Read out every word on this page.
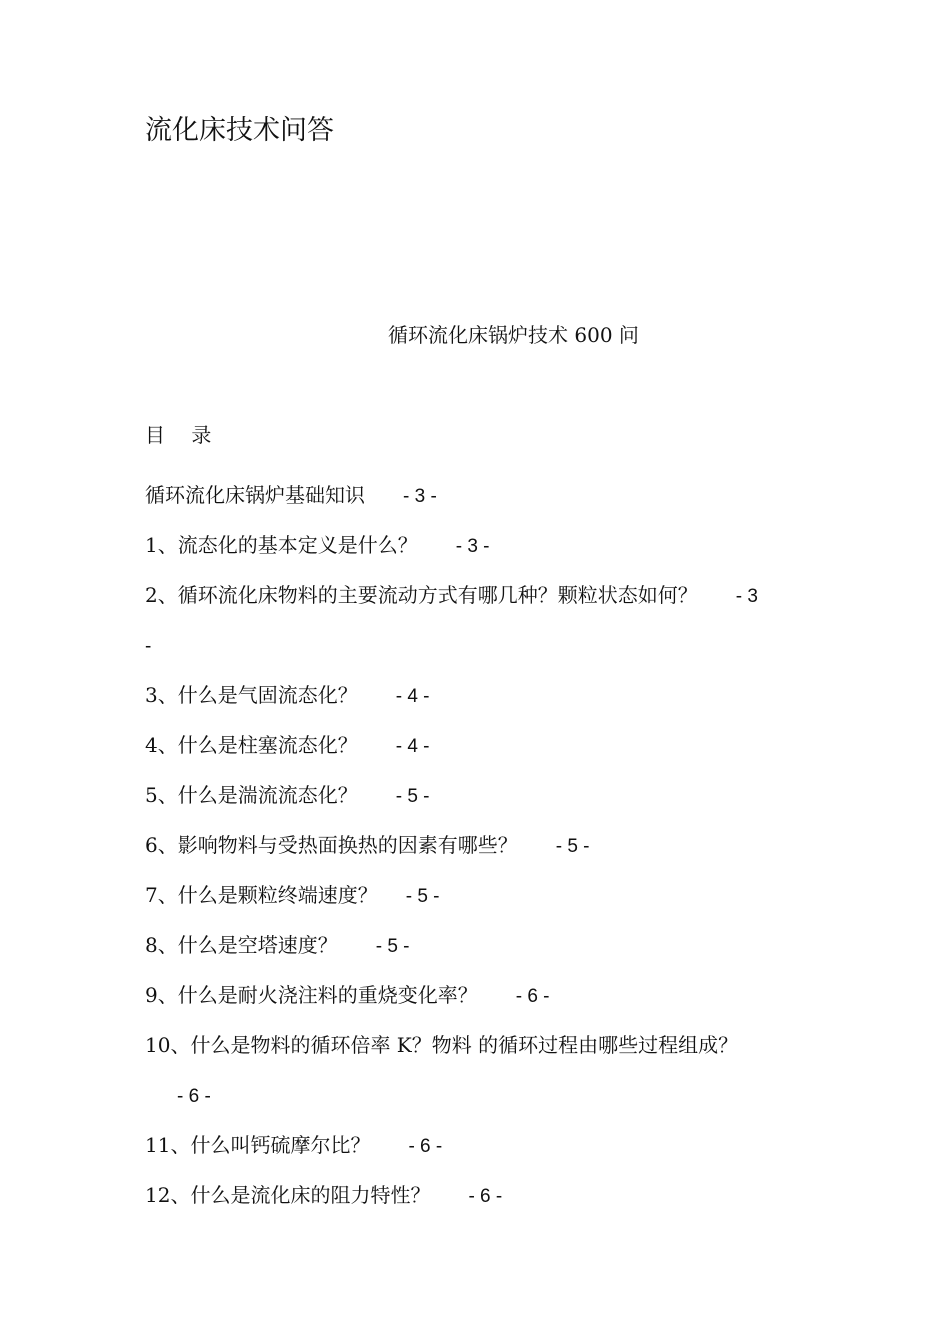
流化床技术问答
循环流化床锅炉技术 600 问
目 录
循环流化床锅炉基础知识 - 3 -
1、流态化的基本定义是什么？ - 3 -
2、循环流化床物料的主要流动方式有哪几种？颗粒状态如何？ - 3
-
3、什么是气固流态化？ - 4 -
4、什么是柱塞流态化？ - 4 -
5、什么是湍流流态化？ - 5 -
6、影响物料与受热面换热的因素有哪些？ - 5 -
7、什么是颗粒终端速度？ - 5 -
8、什么是空塔速度？ - 5 -
9、什么是耐火浇注料的重烧变化率？ - 6 -
10、什么是物料的循环倍率 K？物料 的循环过程由哪些过程组成？
- 6 -
11、什么叫钙硫摩尔比？ - 6 -
12、什么是流化床的阻力特性？ - 6 -
